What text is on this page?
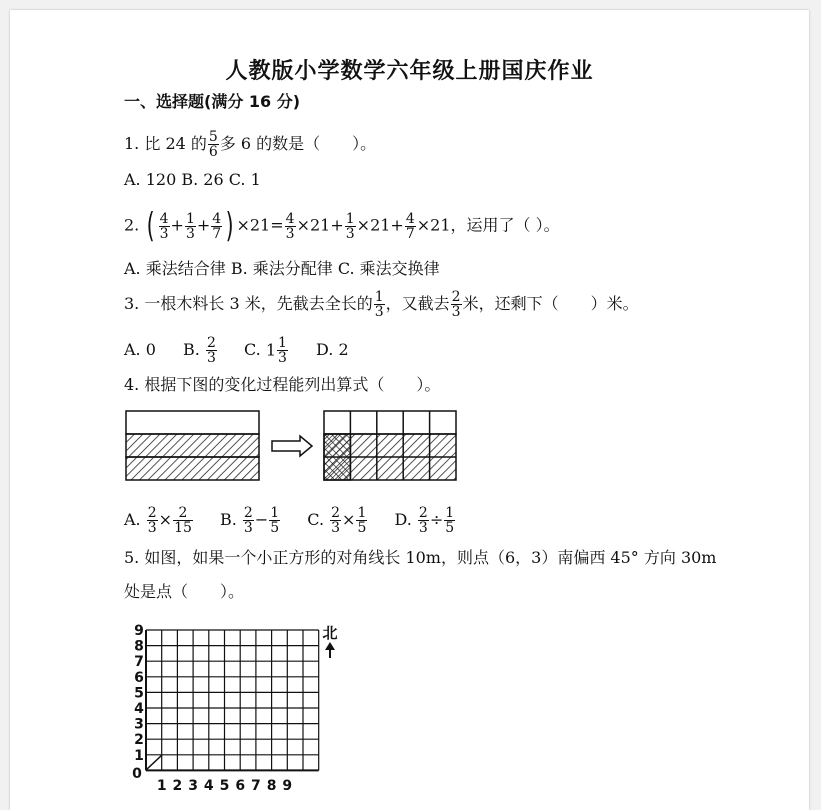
人教版小学数学六年级上册国庆作业
一、选择题(满分 16 分)
1. 比 24 的 $\frac{5}{6}$ 多 6 的数是（　　）。
A. 120 B. 26 C. 1
2. ( $\frac{4}{3} + \frac{1}{3} + \frac{4}{7}$ ) $\times 21= \frac{4}{3} \times 21+ \frac{1}{3} \times 21+ \frac{4}{7} \times 21$，运用了（ ）。
A. 乘法结合律 B. 乘法分配律 C. 乘法交换律
3. 一根木料长 3 米，先截去全长的 $\frac{1}{3}$ ，又截去 $\frac{2}{3}$ 米，还剩下（　　）米。
A. 0 B. $\frac{2}{3} C$. $1 \frac{1}{3} D$. 2
4. 根据下图的变化过程能列出算式（　　）。
A. $\frac{2}{3} \times \frac{2}{15} B$. $\frac{2}{3} - \frac{1}{5} C$. $\frac{2}{3} \times \frac{1}{5} D$. $\frac{2}{3} \div \frac{1}{5}$
5. 如图，如果一个小正方形的对角线长 10m，则点（6，3）南偏西 45° 方向 30m
处是点（　　）。
9
8
7
6
5
4
3
2
1
0
1 2 3 4 5 6 7 8 9
北
